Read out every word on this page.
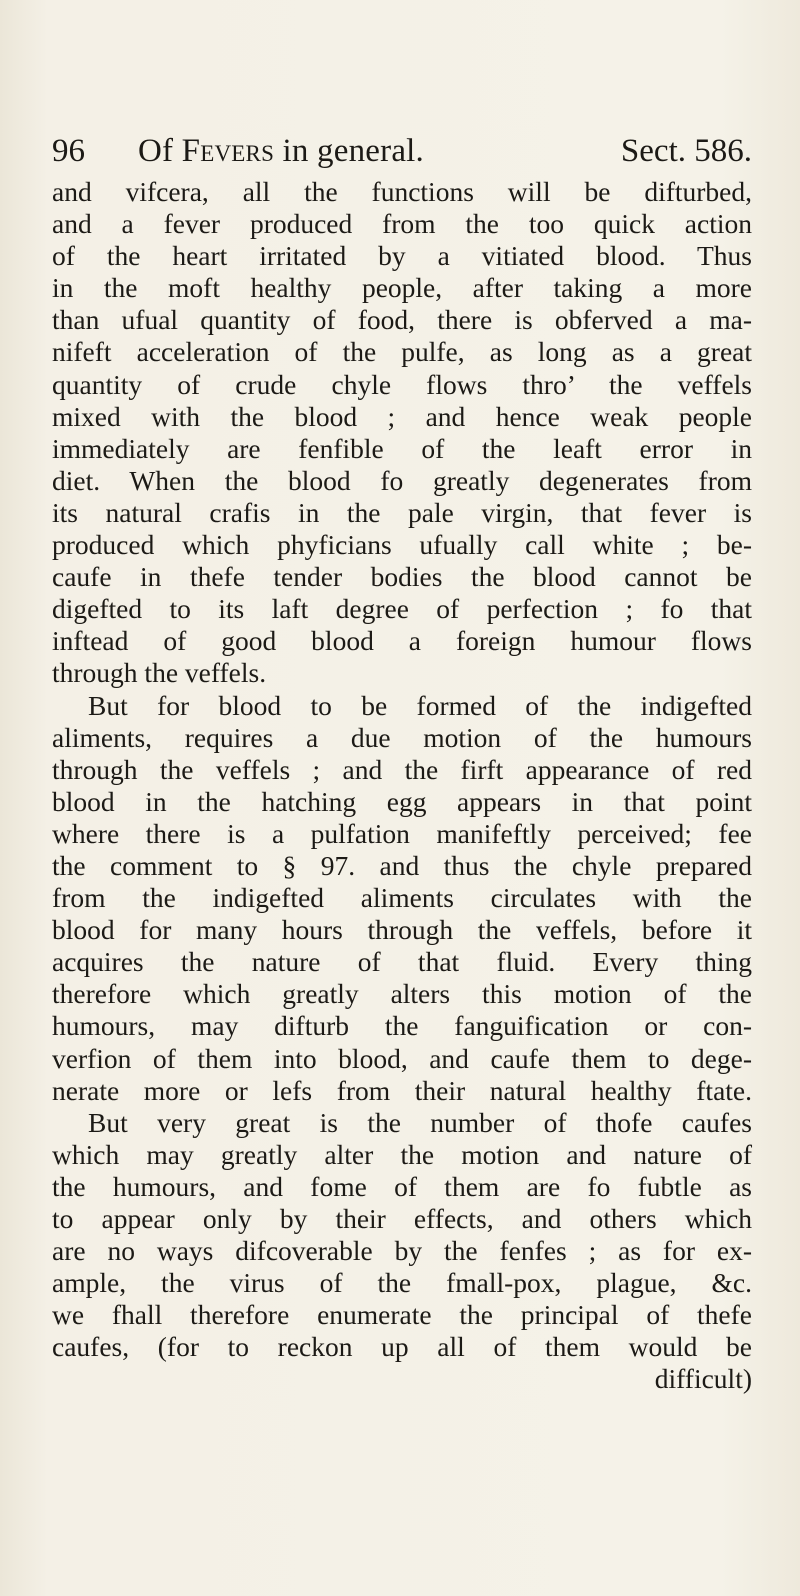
96 Of Fevers in general.	Sect. 586.
and vifcera, all the functions will be difturbed,
and a fever produced from the too quick action
of the heart irritated by a vitiated blood. Thus
in the moft healthy people, after taking a more
than ufual quantity of food, there is obferved a ma-
nifeft acceleration of the pulfe, as long as a great
quantity of crude chyle flows thro’ the veffels
mixed with the blood ; and hence weak people
immediately are fenfible of the leaft error in
diet. When the blood fo greatly degenerates from
its natural crafis in the pale virgin, that fever is
produced which phyficians ufually call white ; be-
caufe in thefe tender bodies the blood cannot be
digefted to its laft degree of perfection ; fo that
inftead of good blood a foreign humour flows
through the veffels.
But for blood to be formed of the indigefted
aliments, requires a due motion of the humours
through the veffels ; and the firft appearance of red
blood in the hatching egg appears in that point
where there is a pulfation manifeftly perceived; fee
the comment to § 97. and thus the chyle prepared
from the indigefted aliments circulates with the
blood for many hours through the veffels, before it
acquires the nature of that fluid. Every thing
therefore which greatly alters this motion of the
humours, may difturb the fanguification or con-
verfion of them into blood, and caufe them to dege-
nerate more or lefs from their natural healthy ftate.
But very great is the number of thofe caufes
which may greatly alter the motion and nature of
the humours, and fome of them are fo fubtle as
to appear only by their effects, and others which
are no ways difcoverable by the fenfes ; as for ex-
ample, the virus of the fmall-pox, plague, &c.
we fhall therefore enumerate the principal of thefe
caufes, (for to reckon up all of them would be
difficult)
